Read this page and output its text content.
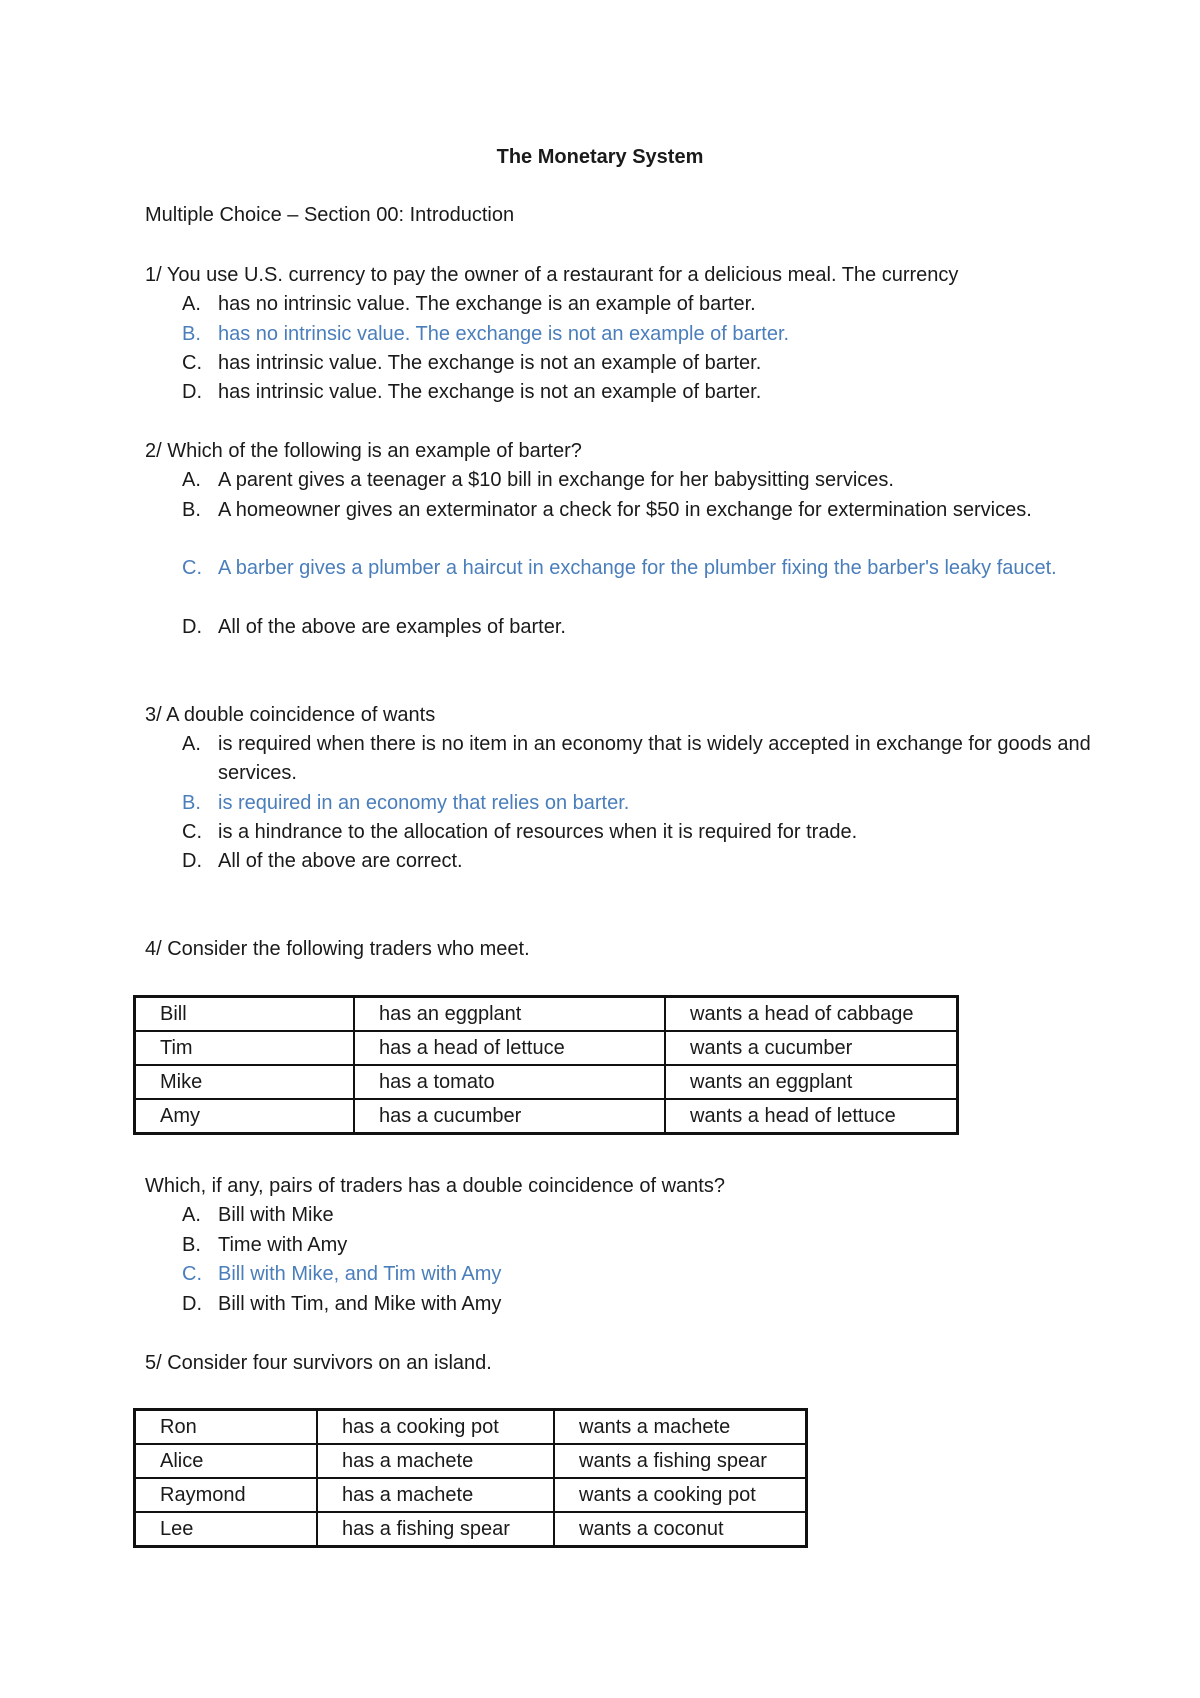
The Monetary System
Multiple Choice – Section 00: Introduction
1/ You use U.S. currency to pay the owner of a restaurant for a delicious meal. The currency
A. has no intrinsic value. The exchange is an example of barter.
B. has no intrinsic value. The exchange is not an example of barter.
C. has intrinsic value. The exchange is not an example of barter.
D. has intrinsic value. The exchange is not an example of barter.
2/ Which of the following is an example of barter?
A. A parent gives a teenager a $10 bill in exchange for her babysitting services.
B. A homeowner gives an exterminator a check for $50 in exchange for extermination services.
C. A barber gives a plumber a haircut in exchange for the plumber fixing the barber's leaky faucet.
D. All of the above are examples of barter.
3/ A double coincidence of wants
A. is required when there is no item in an economy that is widely accepted in exchange for goods and services.
B. is required in an economy that relies on barter.
C. is a hindrance to the allocation of resources when it is required for trade.
D. All of the above are correct.
4/ Consider the following traders who meet.
Bill	has an eggplant	wants a head of cabbage
Tim	has a head of lettuce	wants a cucumber
Mike	has a tomato	wants an eggplant
Amy	has a cucumber	wants a head of lettuce
Which, if any, pairs of traders has a double coincidence of wants?
A. Bill with Mike
B. Time with Amy
C. Bill with Mike, and Tim with Amy
D. Bill with Tim, and Mike with Amy
5/ Consider four survivors on an island.
Ron	has a cooking pot	wants a machete
Alice	has a machete	wants a fishing spear
Raymond	has a machete	wants a cooking pot
Lee	has a fishing spear	wants a coconut
